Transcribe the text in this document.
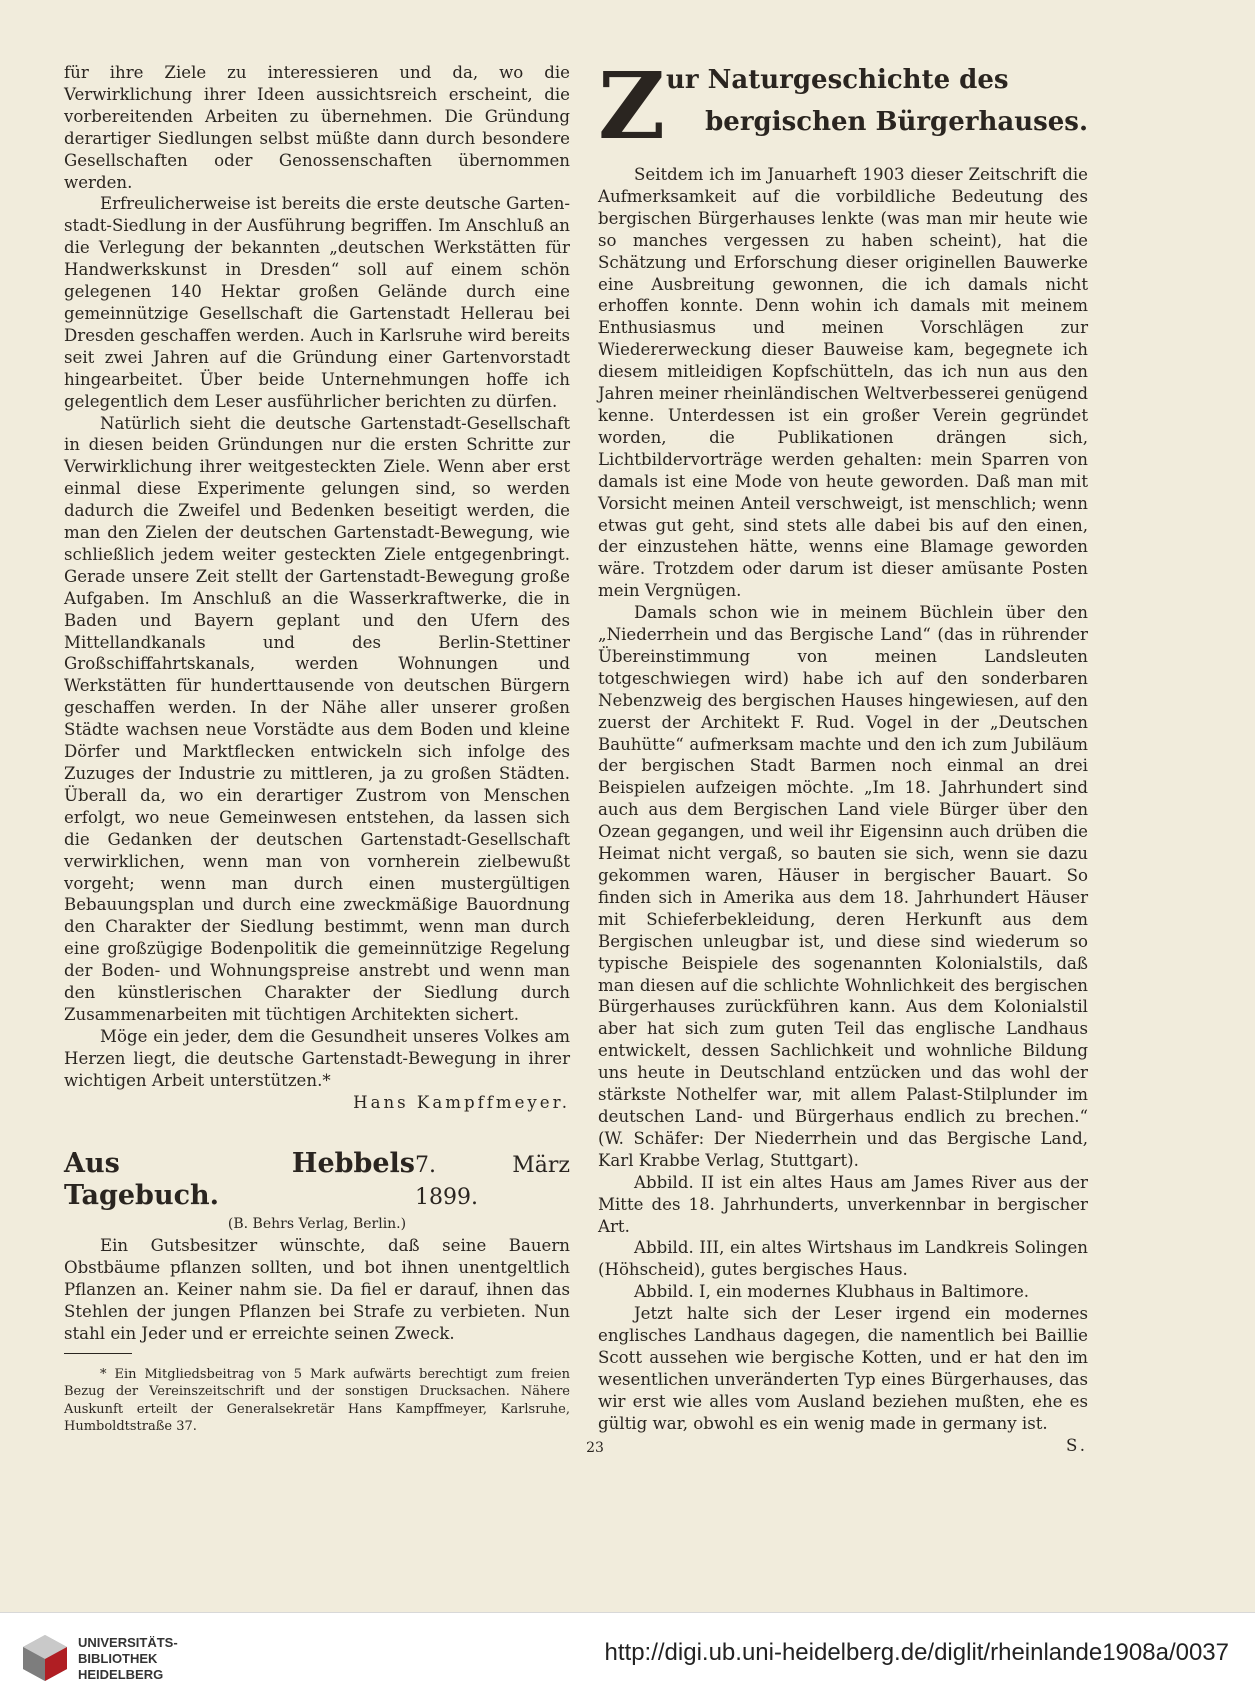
für ihre Ziele zu interessieren und da, wo die Verwirklichung ihrer Ideen aussichtsreich erscheint, die vorbereitenden Arbeiten zu übernehmen. Die Gründung derartiger Siedlungen selbst müßte dann durch besondere Gesellschaften oder Genossenschaften übernommen werden.

Erfreulicherweise ist bereits die erste deutsche Garten-stadt-Siedlung in der Ausführung begriffen. Im Anschluß an die Verlegung der bekannten „deutschen Werkstätten für Handwerkskunst in Dresden“ soll auf einem schön gelegenen 140 Hektar großen Gelände durch eine gemeinnützige Gesellschaft die Gartenstadt Hellerau bei Dresden geschaffen werden. Auch in Karlsruhe wird bereits seit zwei Jahren auf die Gründung einer Gartenvorstadt hingearbeitet. Über beide Unternehmungen hoffe ich gelegentlich dem Leser ausführlicher berichten zu dürfen.

Natürlich sieht die deutsche Gartenstadt-Gesellschaft in diesen beiden Gründungen nur die ersten Schritte zur Verwirklichung ihrer weitgesteckten Ziele. Wenn aber erst einmal diese Experimente gelungen sind, so werden dadurch die Zweifel und Bedenken beseitigt werden, die man den Zielen der deutschen Gartenstadt-Bewegung, wie schließlich jedem weiter gesteckten Ziele entgegenbringt. Gerade unsere Zeit stellt der Gartenstadt-Bewegung große Aufgaben. Im Anschluß an die Wasserkraftwerke, die in Baden und Bayern geplant und den Ufern des Mittellandkanals und des Berlin-Stettiner Großschiffahrtskanals, werden Wohnungen und Werkstätten für hunderttausende von deutschen Bürgern geschaffen werden. In der Nähe aller unserer großen Städte wachsen neue Vorstädte aus dem Boden und kleine Dörfer und Marktflecken entwickeln sich infolge des Zuzuges der Industrie zu mittleren, ja zu großen Städten. Überall da, wo ein derartiger Zustrom von Menschen erfolgt, wo neue Gemeinwesen entstehen, da lassen sich die Gedanken der deutschen Gartenstadt-Gesellschaft verwirklichen, wenn man von vornherein zielbewußt vorgeht; wenn man durch einen mustergültigen Bebauungsplan und durch eine zweckmäßige Bauordnung den Charakter der Siedlung bestimmt, wenn man durch eine großzügige Bodenpolitik die gemeinnützige Regelung der Boden- und Wohnungspreise anstrebt und wenn man den künstlerischen Charakter der Siedlung durch Zusammenarbeiten mit tüchtigen Architekten sichert.

Möge ein jeder, dem die Gesundheit unseres Volkes am Herzen liegt, die deutsche Gartenstadt-Bewegung in ihrer wichtigen Arbeit unterstützen.*

Hans Kampffmeyer.

Aus Hebbels Tagebuch.
7. März 1899.

(B. Behrs Verlag, Berlin.)

Ein Gutsbesitzer wünschte, daß seine Bauern Obstbäume pflanzen sollten, und bot ihnen unentgeltlich Pflanzen an. Keiner nahm sie. Da fiel er darauf, ihnen das Stehlen der jungen Pflanzen bei Strafe zu verbieten. Nun stahl ein Jeder und er erreichte seinen Zweck.

* Ein Mitgliedsbeitrag von 5 Mark aufwärts berechtigt zum freien Bezug der Vereinszeitschrift und der sonstigen Drucksachen. Nähere Auskunft erteilt der Generalsekretär Hans Kampffmeyer, Karlsruhe, Humboldtstraße 37.

Z ur Naturgeschichte des
bergischen Bürgerhauses.

Seitdem ich im Januarheft 1903 dieser Zeitschrift die Aufmerksamkeit auf die vorbildliche Bedeutung des bergischen Bürgerhauses lenkte (was man mir heute wie so manches vergessen zu haben scheint), hat die Schätzung und Erforschung dieser originellen Bauwerke eine Ausbreitung gewonnen, die ich damals nicht erhoffen konnte. Denn wohin ich damals mit meinem Enthusiasmus und meinen Vorschlägen zur Wiedererweckung dieser Bauweise kam, begegnete ich diesem mitleidigen Kopfschütteln, das ich nun aus den Jahren meiner rheinländischen Weltverbesserei genügend kenne. Unterdessen ist ein großer Verein gegründet worden, die Publikationen drängen sich, Lichtbildervorträge werden gehalten: mein Sparren von damals ist eine Mode von heute geworden. Daß man mit Vorsicht meinen Anteil verschweigt, ist menschlich; wenn etwas gut geht, sind stets alle dabei bis auf den einen, der einzustehen hätte, wenns eine Blamage geworden wäre. Trotzdem oder darum ist dieser amüsante Posten mein Vergnügen.

Damals schon wie in meinem Büchlein über den „Niederrhein und das Bergische Land“ (das in rührender Übereinstimmung von meinen Landsleuten totgeschwiegen wird) habe ich auf den sonderbaren Nebenzweig des bergischen Hauses hingewiesen, auf den zuerst der Architekt F. Rud. Vogel in der „Deutschen Bauhütte“ aufmerksam machte und den ich zum Jubiläum der bergischen Stadt Barmen noch einmal an drei Beispielen aufzeigen möchte. „Im 18. Jahrhundert sind auch aus dem Bergischen Land viele Bürger über den Ozean gegangen, und weil ihr Eigensinn auch drüben die Heimat nicht vergaß, so bauten sie sich, wenn sie dazu gekommen waren, Häuser in bergischer Bauart. So finden sich in Amerika aus dem 18. Jahrhundert Häuser mit Schieferbekleidung, deren Herkunft aus dem Bergischen unleugbar ist, und diese sind wiederum so typische Beispiele des sogenannten Kolonialstils, daß man diesen auf die schlichte Wohnlichkeit des bergischen Bürgerhauses zurückführen kann. Aus dem Kolonialstil aber hat sich zum guten Teil das englische Landhaus entwickelt, dessen Sachlichkeit und wohnliche Bildung uns heute in Deutschland entzücken und das wohl der stärkste Nothelfer war, mit allem Palast-Stilplunder im deutschen Land- und Bürgerhaus endlich zu brechen.“ (W. Schäfer: Der Niederrhein und das Bergische Land, Karl Krabbe Verlag, Stuttgart).

Abbild. II ist ein altes Haus am James River aus der Mitte des 18. Jahrhunderts, unverkennbar in bergischer Art.

Abbild. III, ein altes Wirtshaus im Landkreis Solingen (Höhscheid), gutes bergisches Haus.

Abbild. I, ein modernes Klubhaus in Baltimore.

Jetzt halte sich der Leser irgend ein modernes englisches Landhaus dagegen, die namentlich bei Baillie Scott aussehen wie bergische Kotten, und er hat den im wesentlichen unveränderten Typ eines Bürgerhauses, das wir erst wie alles vom Ausland beziehen mußten, ehe es gültig war, obwohl es ein wenig made in germany ist.

S.

23
UNIVERSITÄTS-
BIBLIOTHEK
HEIDELBERG
http://digi.ub.uni-heidelberg.de/diglit/rheinlande1908a/0037
